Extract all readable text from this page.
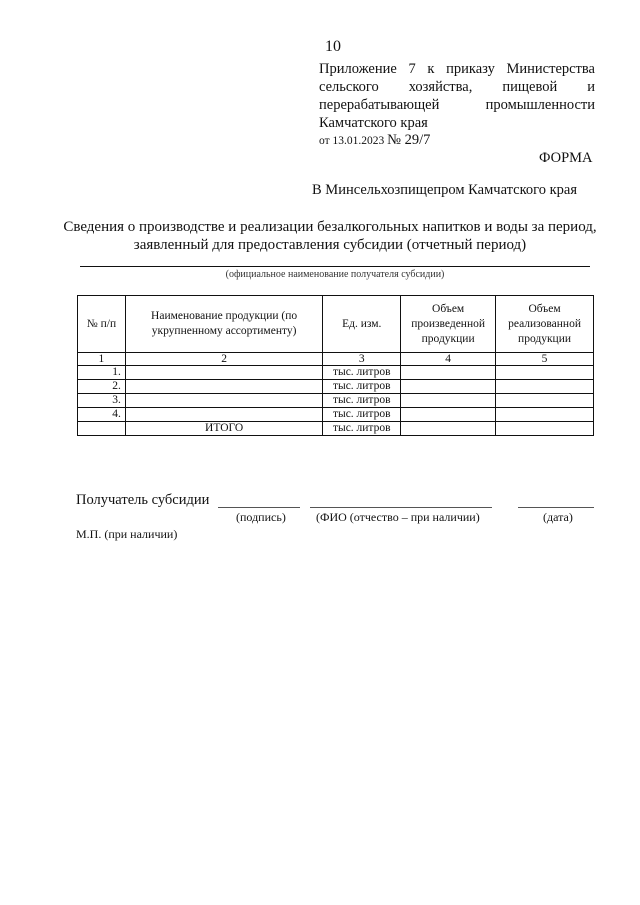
10
Приложение 7 к приказу Министерства сельского хозяйства, пищевой и перерабатывающей промышленности Камчатского края
от 13.01.2023 № 29/7
ФОРМА
В Минсельхозпищепром Камчатского края
Сведения о производстве и реализации безалкогольных напитков и воды за период, заявленный для предоставления субсидии (отчетный период)
(официальное наименование получателя субсидии)
№ п/п	Наименование продукции (по укрупненному ассортименту)	Ед. изм.	Объем произведенной продукции	Объем реализованной продукции
1	2	3	4	5
1.		тыс. литров		
2.		тыс. литров		
3.		тыс. литров		
4.		тыс. литров		
	ИТОГО	тыс. литров		
Получатель субсидии
(подпись)	(ФИО (отчество – при наличии)	(дата)
М.П. (при наличии)
